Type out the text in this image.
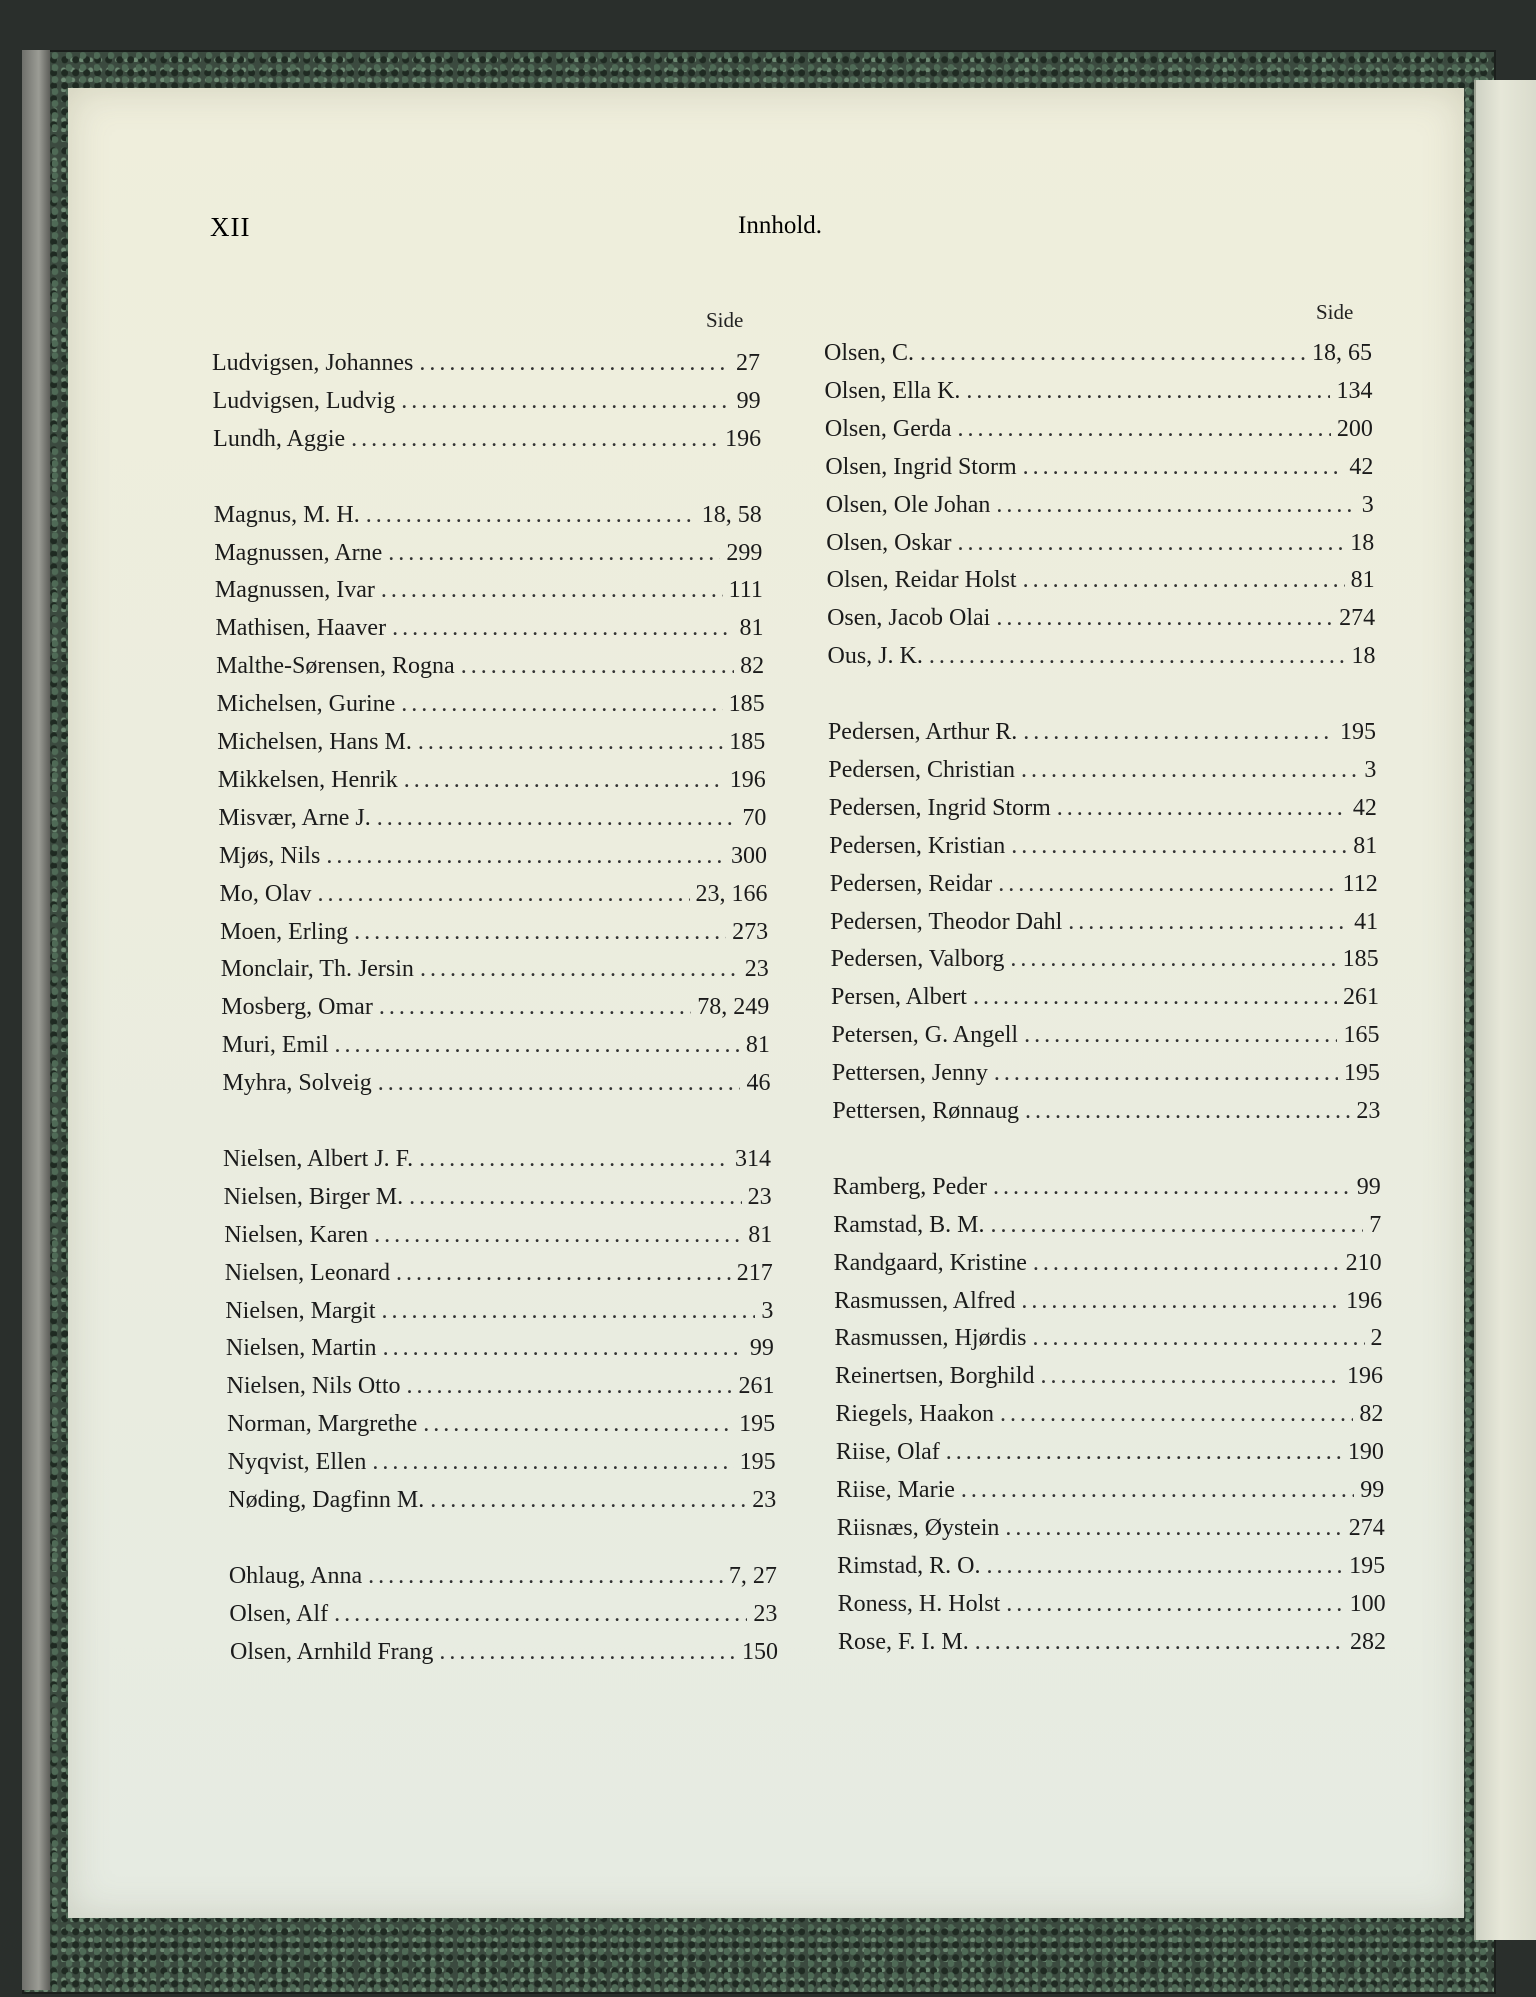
XII	Innhold.
Side	Side
Ludvigsen, Johannes . . .	27
Ludvigsen, Ludvig . . .	99
Lundh, Aggie . . .	196
Magnus, M. H. . . .	18, 58
Magnussen, Arne . . .	299
Magnussen, Ivar . . .	111
Mathisen, Haaver . . .	81
Malthe-Sørensen, Rogna . . .	82
Michelsen, Gurine . . .	185
Michelsen, Hans M. . . .	185
Mikkelsen, Henrik . . .	196
Misvær, Arne J. . . .	70
Mjøs, Nils . . .	300
Mo, Olav . . .	23, 166
Moen, Erling . . .	273
Monclair, Th. Jersin . . .	23
Mosberg, Omar . . .	78, 249
Muri, Emil . . .	81
Myhra, Solveig . . .	46
Nielsen, Albert J. F. . . .	314
Nielsen, Birger M. . . .	23
Nielsen, Karen . . .	81
Nielsen, Leonard . . .	217
Nielsen, Margit . . .	3
Nielsen, Martin . . .	99
Nielsen, Nils Otto . . .	261
Norman, Margrethe . . .	195
Nyqvist, Ellen . . .	195
Nøding, Dagfinn M. . . .	23
Ohlaug, Anna . . .	7, 27
Olsen, Alf . . .	23
Olsen, Arnhild Frang . . .	150
Olsen, C. . . .	18, 65
Olsen, Ella K. . . .	134
Olsen, Gerda . . .	200
Olsen, Ingrid Storm . . .	42
Olsen, Ole Johan . . .	3
Olsen, Oskar . . .	18
Olsen, Reidar Holst . . .	81
Osen, Jacob Olai . . .	274
Ous, J. K. . . .	18
Pedersen, Arthur R. . . .	195
Pedersen, Christian . . .	3
Pedersen, Ingrid Storm . . .	42
Pedersen, Kristian . . .	81
Pedersen, Reidar . . .	112
Pedersen, Theodor Dahl . . .	41
Pedersen, Valborg . . .	185
Persen, Albert . . .	261
Petersen, G. Angell . . .	165
Pettersen, Jenny . . .	195
Pettersen, Rønnaug . . .	23
Ramberg, Peder . . .	99
Ramstad, B. M. . . .	7
Randgaard, Kristine . . .	210
Rasmussen, Alfred . . .	196
Rasmussen, Hjørdis . . .	2
Reinertsen, Borghild . . .	196
Riegels, Haakon . . .	82
Riise, Olaf . . .	190
Riise, Marie . . .	99
Riisnæs, Øystein . . .	274
Rimstad, R. O. . . .	195
Roness, H. Holst . . .	100
Rose, F. I. M. . . .	282
